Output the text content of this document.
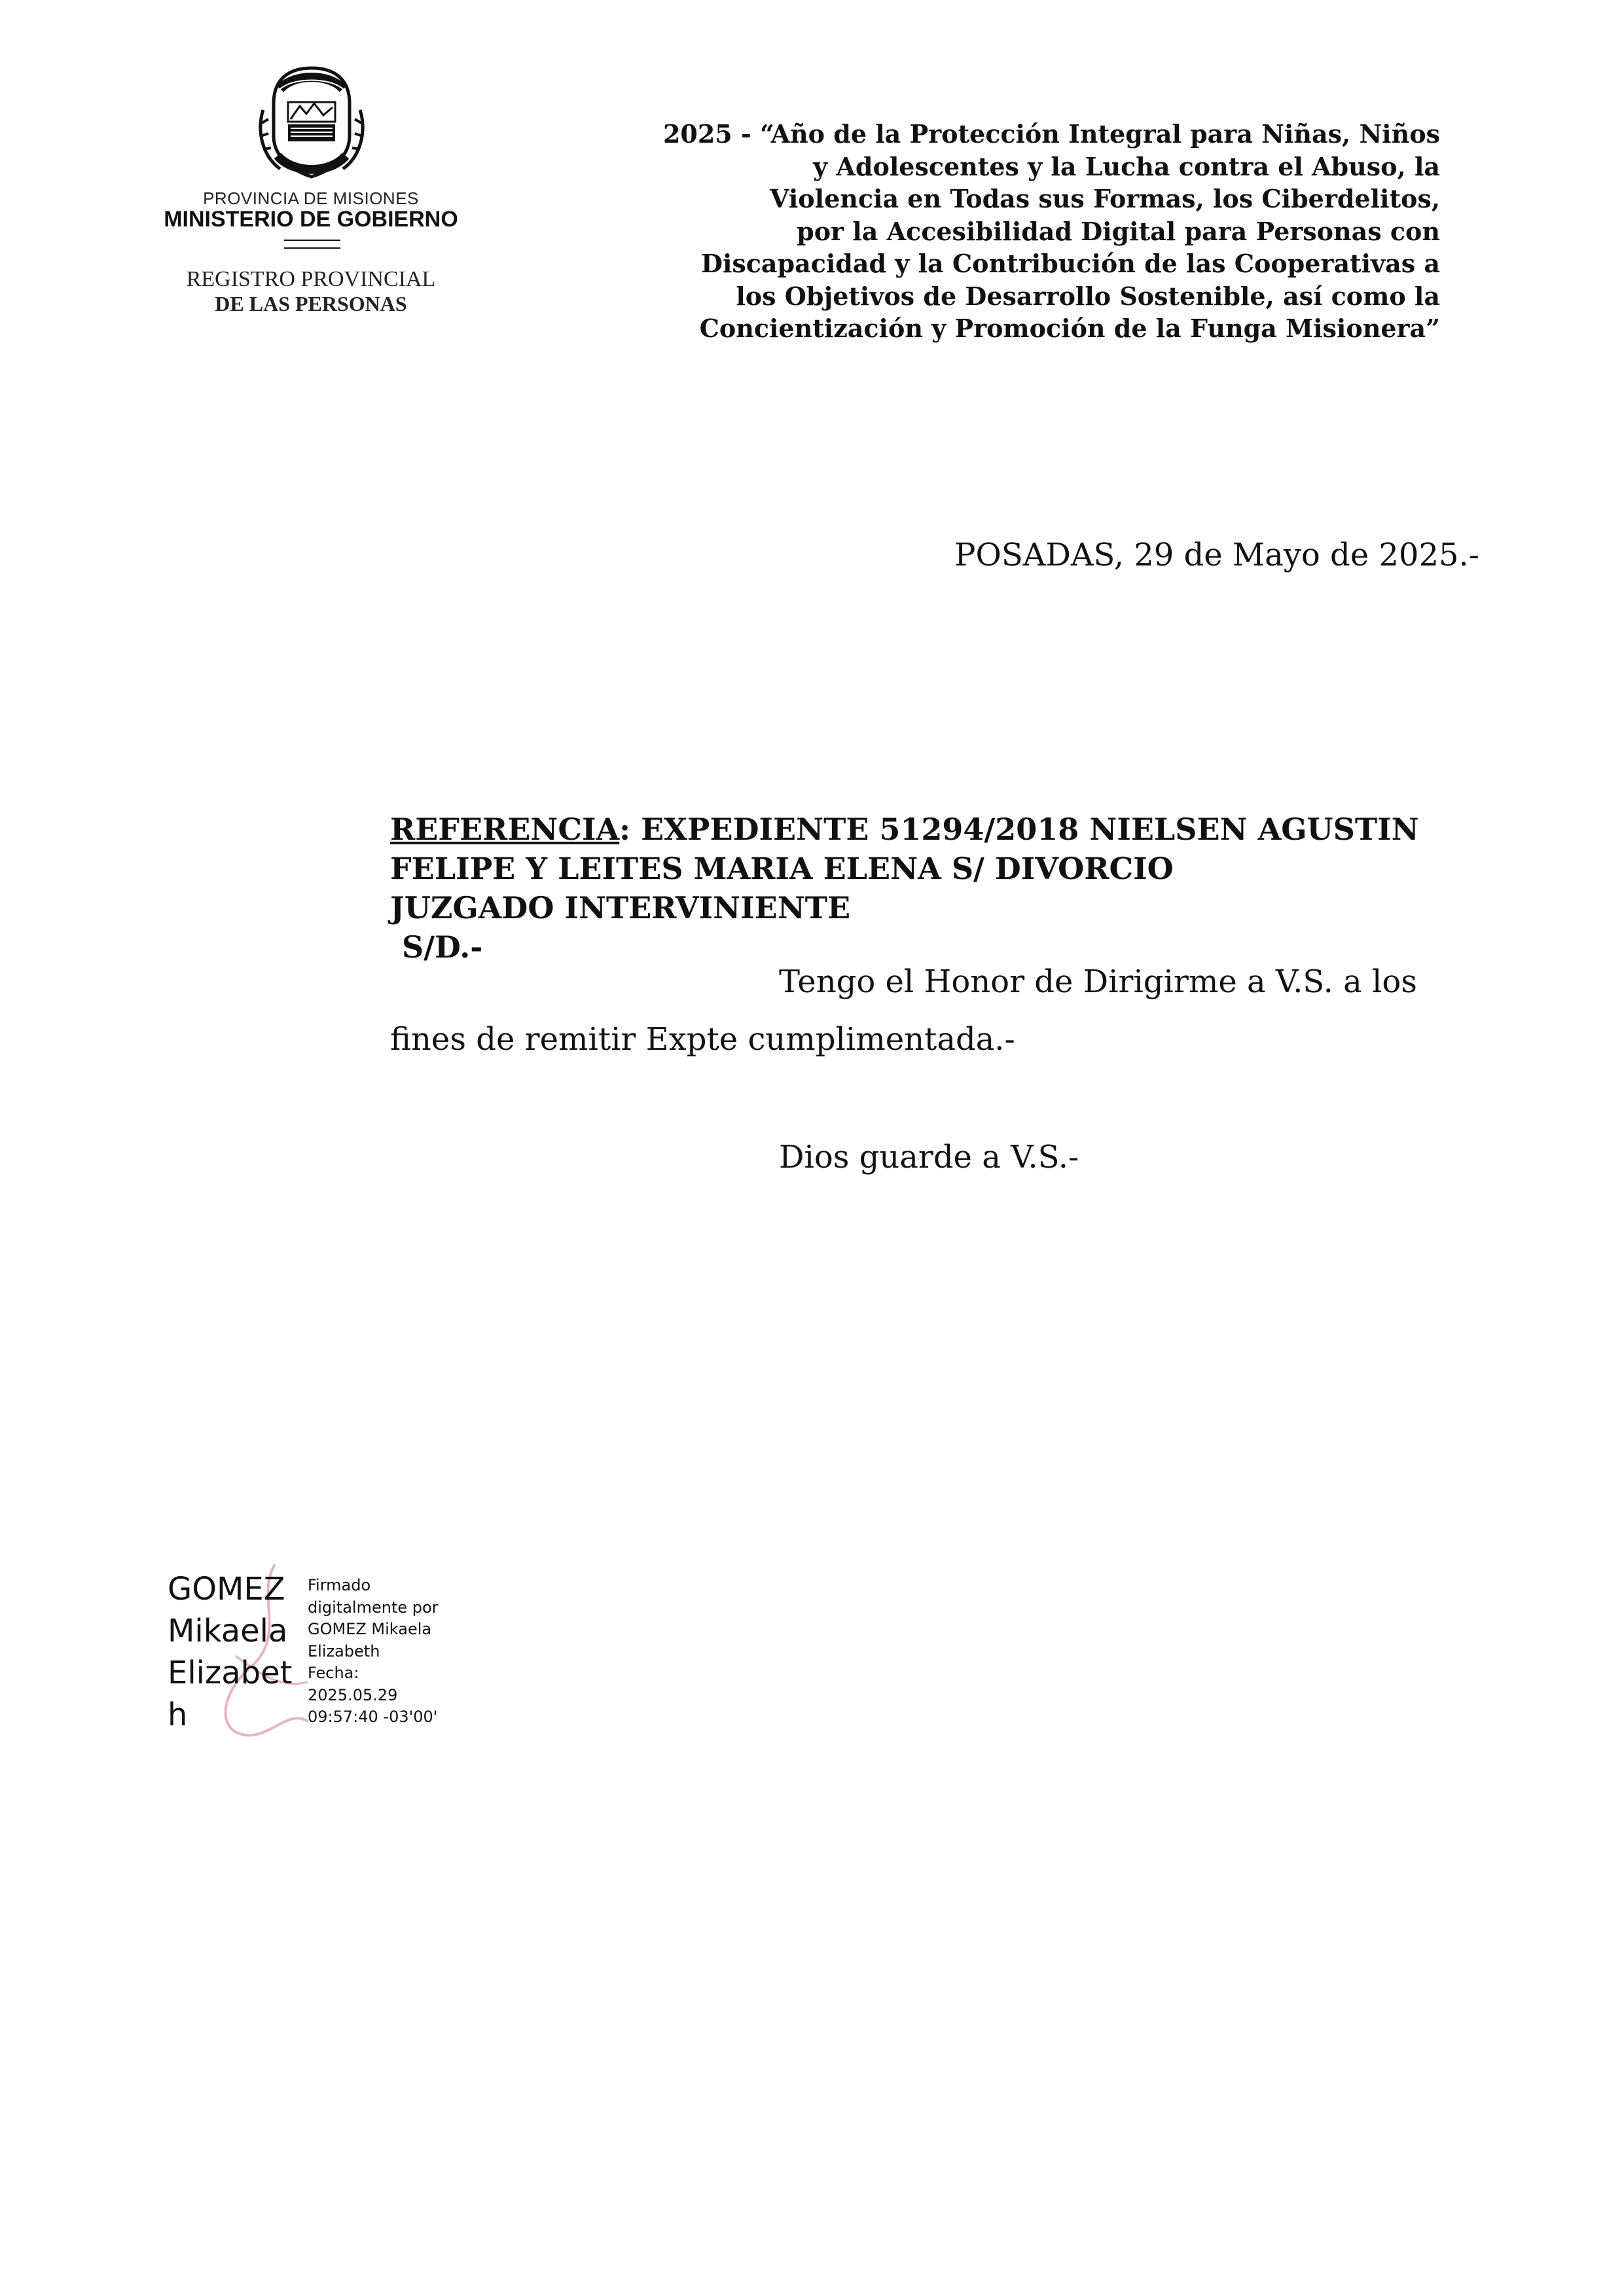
PROVINCIA DE MISIONES
MINISTERIO DE GOBIERNO
REGISTRO PROVINCIAL
DE LAS PERSONAS
2025 - “Año de la Protección Integral para Niñas, Niños
y Adolescentes y la Lucha contra el Abuso, la
Violencia en Todas sus Formas, los Ciberdelitos,
por la Accesibilidad Digital para Personas con
Discapacidad y la Contribución de las Cooperativas a
los Objetivos de Desarrollo Sostenible, así como la
Concientización y Promoción de la Funga Misionera”
POSADAS, 29 de Mayo de 2025.-
REFERENCIA: EXPEDIENTE 51294/2018 NIELSEN AGUSTIN
FELIPE Y LEITES MARIA ELENA S/ DIVORCIO
JUZGADO INTERVINIENTE
S/D.-
Tengo el Honor de Dirigirme a V.S. a los
fines de remitir Expte cumplimentada.-
Dios guarde a V.S.-
GOMEZ
Mikaela
Elizabet
h
Firmado
digitalmente por
GOMEZ Mikaela
Elizabeth
Fecha:
2025.05.29
09:57:40 -03'00'
